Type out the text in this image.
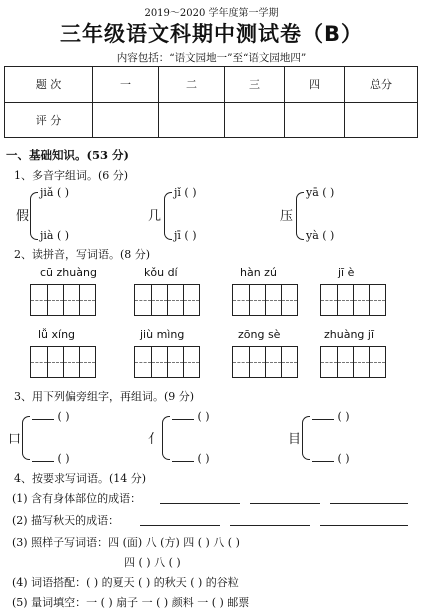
2019～2020 学年度第一学期
三年级语文科期中测试卷（B）
内容包括：“语文园地一”至“语文园地四”
题 次	一	二	三	四	总分
评 分					
一、基础知识。(53 分)
1、多音字组词。(6 分)
假
jiǎ ( )
jià ( )
几
jǐ ( )
jī ( )
压
yā ( )
yà ( )
2、读拼音，写词语。(8 分)
cū zhuàng	kǒu dí	hàn zú	jī è
lǚ xíng	jiù mìng	zōng sè	zhuàng jī
3、用下列偏旁组字，再组词。(9 分)
口
( )
( )
亻
( )
( )
目
( )
( )
4、按要求写词语。(14 分)
(1) 含有身体部位的成语：
(2) 描写秋天的成语：
(3) 照样子写词语：四 (面) 八 (方) 四 ( ) 八 ( )
四 ( ) 八 ( )
(4) 词语搭配：( ) 的夏天 ( ) 的秋天 ( ) 的谷粒
(5) 量词填空：一 ( ) 扇子 一 ( ) 颜料 一 ( ) 邮票
